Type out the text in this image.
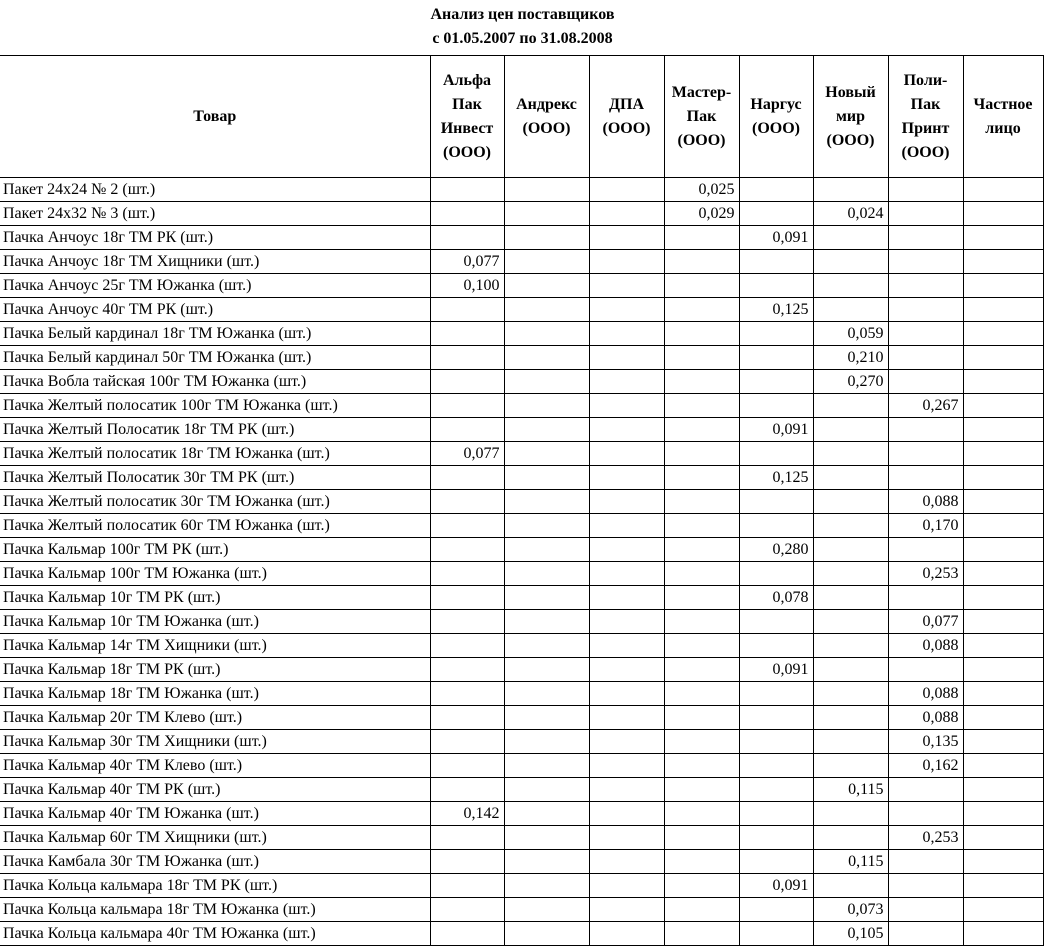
Анализ цен поставщиков
с 01.05.2007 по 31.08.2008
Товар	Альфа Пак Инвест (ООО)	Андрекс (ООО)	ДПА (ООО)	Мастер-Пак (ООО)	Наргус (ООО)	Новый мир (ООО)	Поли-Пак Принт (ООО)	Частное лицо
Пакет 24х24 № 2 (шт.)				0,025				
Пакет 24х32 № 3 (шт.)				0,029		0,024		
Пачка Анчоус 18г ТМ РК (шт.)					0,091			
Пачка Анчоус 18г ТМ Хищники (шт.)	0,077							
Пачка Анчоус 25г ТМ Южанка (шт.)	0,100							
Пачка Анчоус 40г ТМ РК (шт.)					0,125			
Пачка Белый кардинал 18г ТМ Южанка (шт.)						0,059		
Пачка Белый кардинал 50г ТМ Южанка (шт.)						0,210		
Пачка Вобла тайская 100г ТМ Южанка (шт.)						0,270		
Пачка Желтый полосатик 100г ТМ Южанка (шт.)							0,267	
Пачка Желтый Полосатик 18г ТМ РК (шт.)					0,091			
Пачка Желтый полосатик 18г ТМ Южанка (шт.)	0,077							
Пачка Желтый Полосатик 30г ТМ РК (шт.)					0,125			
Пачка Желтый полосатик 30г ТМ Южанка (шт.)							0,088	
Пачка Желтый полосатик 60г ТМ Южанка (шт.)							0,170	
Пачка Кальмар 100г ТМ РК (шт.)					0,280			
Пачка Кальмар 100г ТМ Южанка (шт.)							0,253	
Пачка Кальмар 10г ТМ РК (шт.)					0,078			
Пачка Кальмар 10г ТМ Южанка (шт.)							0,077	
Пачка Кальмар 14г ТМ Хищники (шт.)							0,088	
Пачка Кальмар 18г ТМ РК (шт.)					0,091			
Пачка Кальмар 18г ТМ Южанка (шт.)							0,088	
Пачка Кальмар 20г ТМ Клево (шт.)							0,088	
Пачка Кальмар 30г ТМ Хищники (шт.)							0,135	
Пачка Кальмар 40г ТМ Клево (шт.)							0,162	
Пачка Кальмар 40г ТМ РК (шт.)						0,115		
Пачка Кальмар 40г ТМ Южанка (шт.)	0,142							
Пачка Кальмар 60г ТМ Хищники (шт.)							0,253	
Пачка Камбала 30г ТМ Южанка (шт.)						0,115		
Пачка Кольца кальмара 18г ТМ РК (шт.)					0,091			
Пачка Кольца кальмара 18г ТМ Южанка (шт.)						0,073		
Пачка Кольца кальмара 40г ТМ Южанка (шт.)						0,105		
